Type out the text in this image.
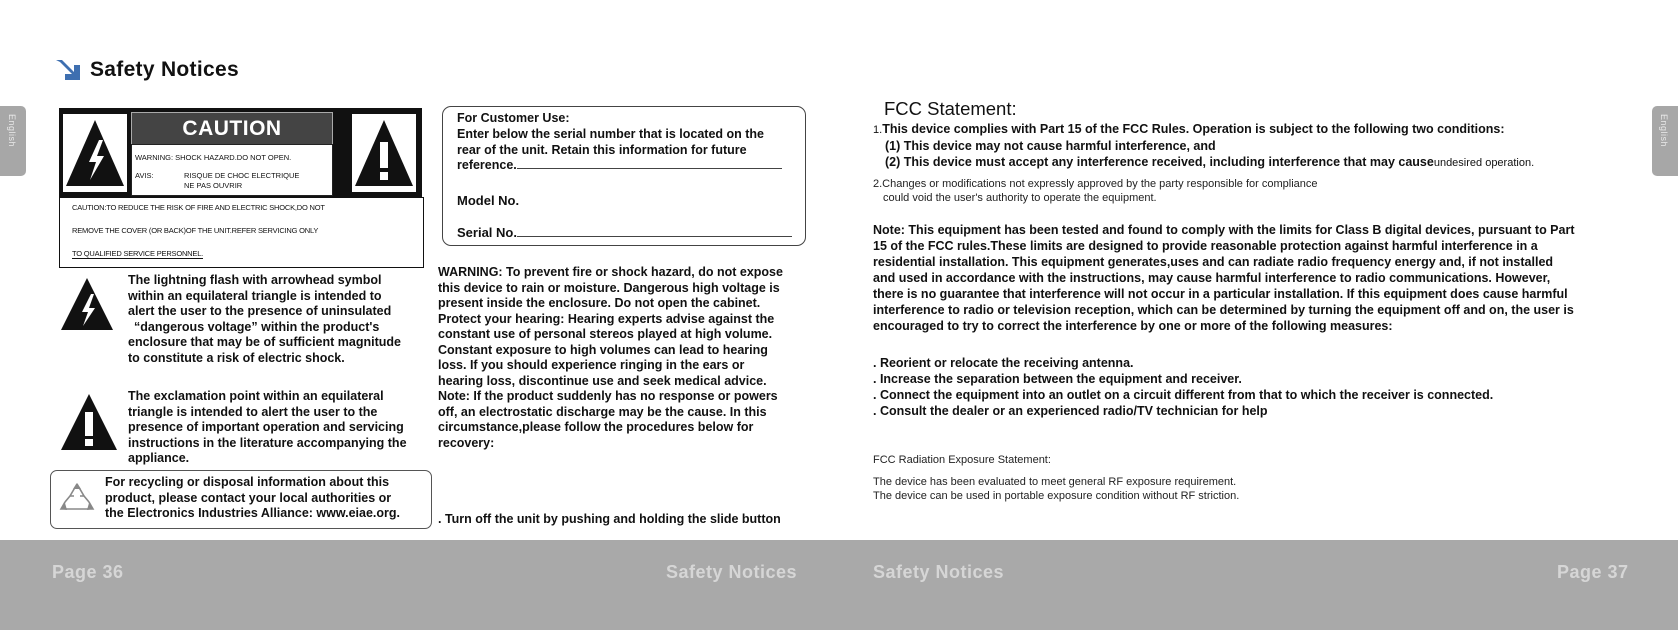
Safety Notices
English	English
CAUTION
WARNING: SHOCK HAZARD.DO NOT OPEN.
AVIS:	RISQUE DE CHOC ELECTRIQUE
NE PAS OUVRIR
CAUTION:TO REDUCE THE RISK OF FIRE AND ELECTRIC SHOCK,DO NOT
REMOVE THE COVER (OR BACK)OF THE UNIT.REFER SERVICING ONLY
TO QUALIFIED SERVICE PERSONNEL.
The lightning flash with arrowhead symbol
within an equilateral triangle is intended to
alert the user to the presence of uninsulated
“dangerous voltage” within the product's
enclosure that may be of sufficient magnitude
to constitute a risk of electric shock.
The exclamation point within an equilateral
triangle is intended to alert the user to the
presence of important operation and servicing
instructions in the literature accompanying the
appliance.
For recycling or disposal information about this
product, please contact your local authorities or
the Electronics Industries Alliance: www.eiae.org.
For Customer Use:
Enter below the serial number that is located on the
rear of the unit. Retain this information for future
reference.
Model No.
Serial No.
WARNING: To prevent fire or shock hazard, do not expose
this device to rain or moisture. Dangerous high voltage is
present inside the enclosure. Do not open the cabinet.
Protect your hearing: Hearing experts advise against the
constant use of personal stereos played at high volume.
Constant exposure to high volumes can lead to hearing
loss. If you should experience ringing in the ears or
hearing loss, discontinue use and seek medical advice.
Note: If the product suddenly has no response or powers
off, an electrostatic discharge may be the cause. In this
circumstance,please follow the procedures below for
recovery:

. Turn off the unit by pushing and holding the slide button

FCC Statement:
1.This device complies with Part 15 of the FCC Rules. Operation is subject to the following two conditions:
(1) This device may not cause harmful interference, and
(2) This device must accept any interference received, including interference that may causeundesired operation.
2.Changes or modifications not expressly approved by the party responsible for compliance
could void the user's authority to operate the equipment.
Note: This equipment has been tested and found to comply with the limits for Class B digital devices, pursuant to Part
15 of the FCC rules.These limits are designed to provide reasonable protection against harmful interference in a
residential installation. This equipment generates,uses and can radiate radio frequency energy and, if not installed
and used in accordance with the instructions, may cause harmful interference to radio communications. However,
there is no guarantee that interference will not occur in a particular installation. If this equipment does cause harmful
interference to radio or television reception, which can be determined by turning the equipment off and on, the user is
encouraged to try to correct the interference by one or more of the following measures:
. Reorient or relocate the receiving antenna.
. Increase the separation between the equipment and receiver.
. Connect the equipment into an outlet on a circuit different from that to which the receiver is connected.
. Consult the dealer or an experienced radio/TV technician for help
FCC Radiation Exposure Statement:
The device has been evaluated to meet general RF exposure requirement.
The device can be used in portable exposure condition without RF striction.
Page 36	Safety Notices	Safety Notices	Page 37
